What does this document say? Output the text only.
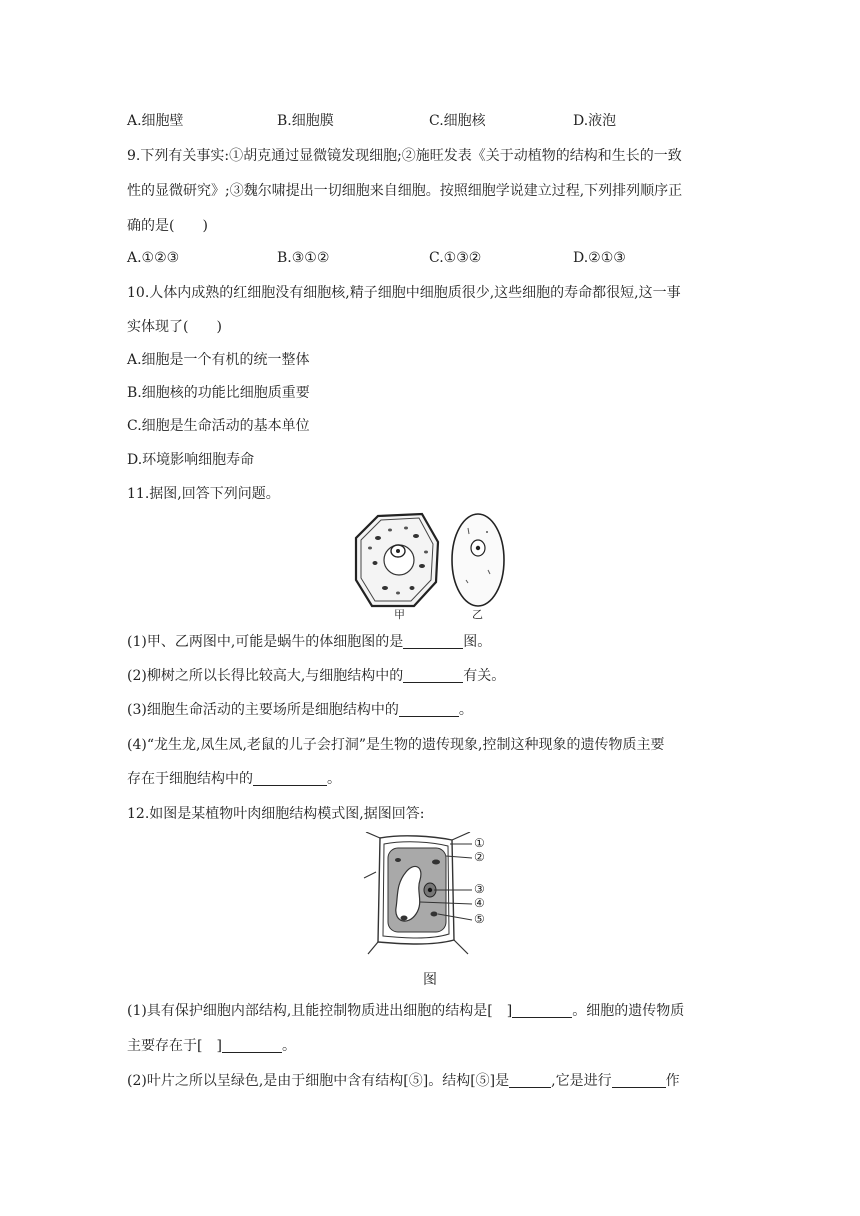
A.细胞壁	B.细胞膜	C.细胞核	D.液泡
9.下列有关事实:①胡克通过显微镜发现细胞;②施旺发表《关于动植物的结构和生长的一致
性的显微研究》;③魏尔啸提出一切细胞来自细胞。按照细胞学说建立过程,下列排列顺序正
确的是(　　)
A.①②③	B.③①②	C.①③②	D.②①③
10.人体内成熟的红细胞没有细胞核,精子细胞中细胞质很少,这些细胞的寿命都很短,这一事
实体现了(　　)
A.细胞是一个有机的统一整体
B.细胞核的功能比细胞质重要
C.细胞是生命活动的基本单位
D.环境影响细胞寿命
11.据图,回答下列问题。
甲	乙
(1)甲、乙两图中,可能是蜗牛的体细胞图的是	图。
(2)柳树之所以长得比较高大,与细胞结构中的	有关。
(3)细胞生命活动的主要场所是细胞结构中的	。
(4)“龙生龙,凤生凤,老鼠的儿子会打洞”是生物的遗传现象,控制这种现象的遗传物质主要
存在于细胞结构中的	。
12.如图是某植物叶肉细胞结构模式图,据图回答:
①
②
③
④
⑤
图
(1)具有保护细胞内部结构,且能控制物质进出细胞的结构是[　]	。细胞的遗传物质
主要存在于[　]	。
(2)叶片之所以呈绿色,是由于细胞中含有结构[⑤]。结构[⑤]是	,它是进行	作
